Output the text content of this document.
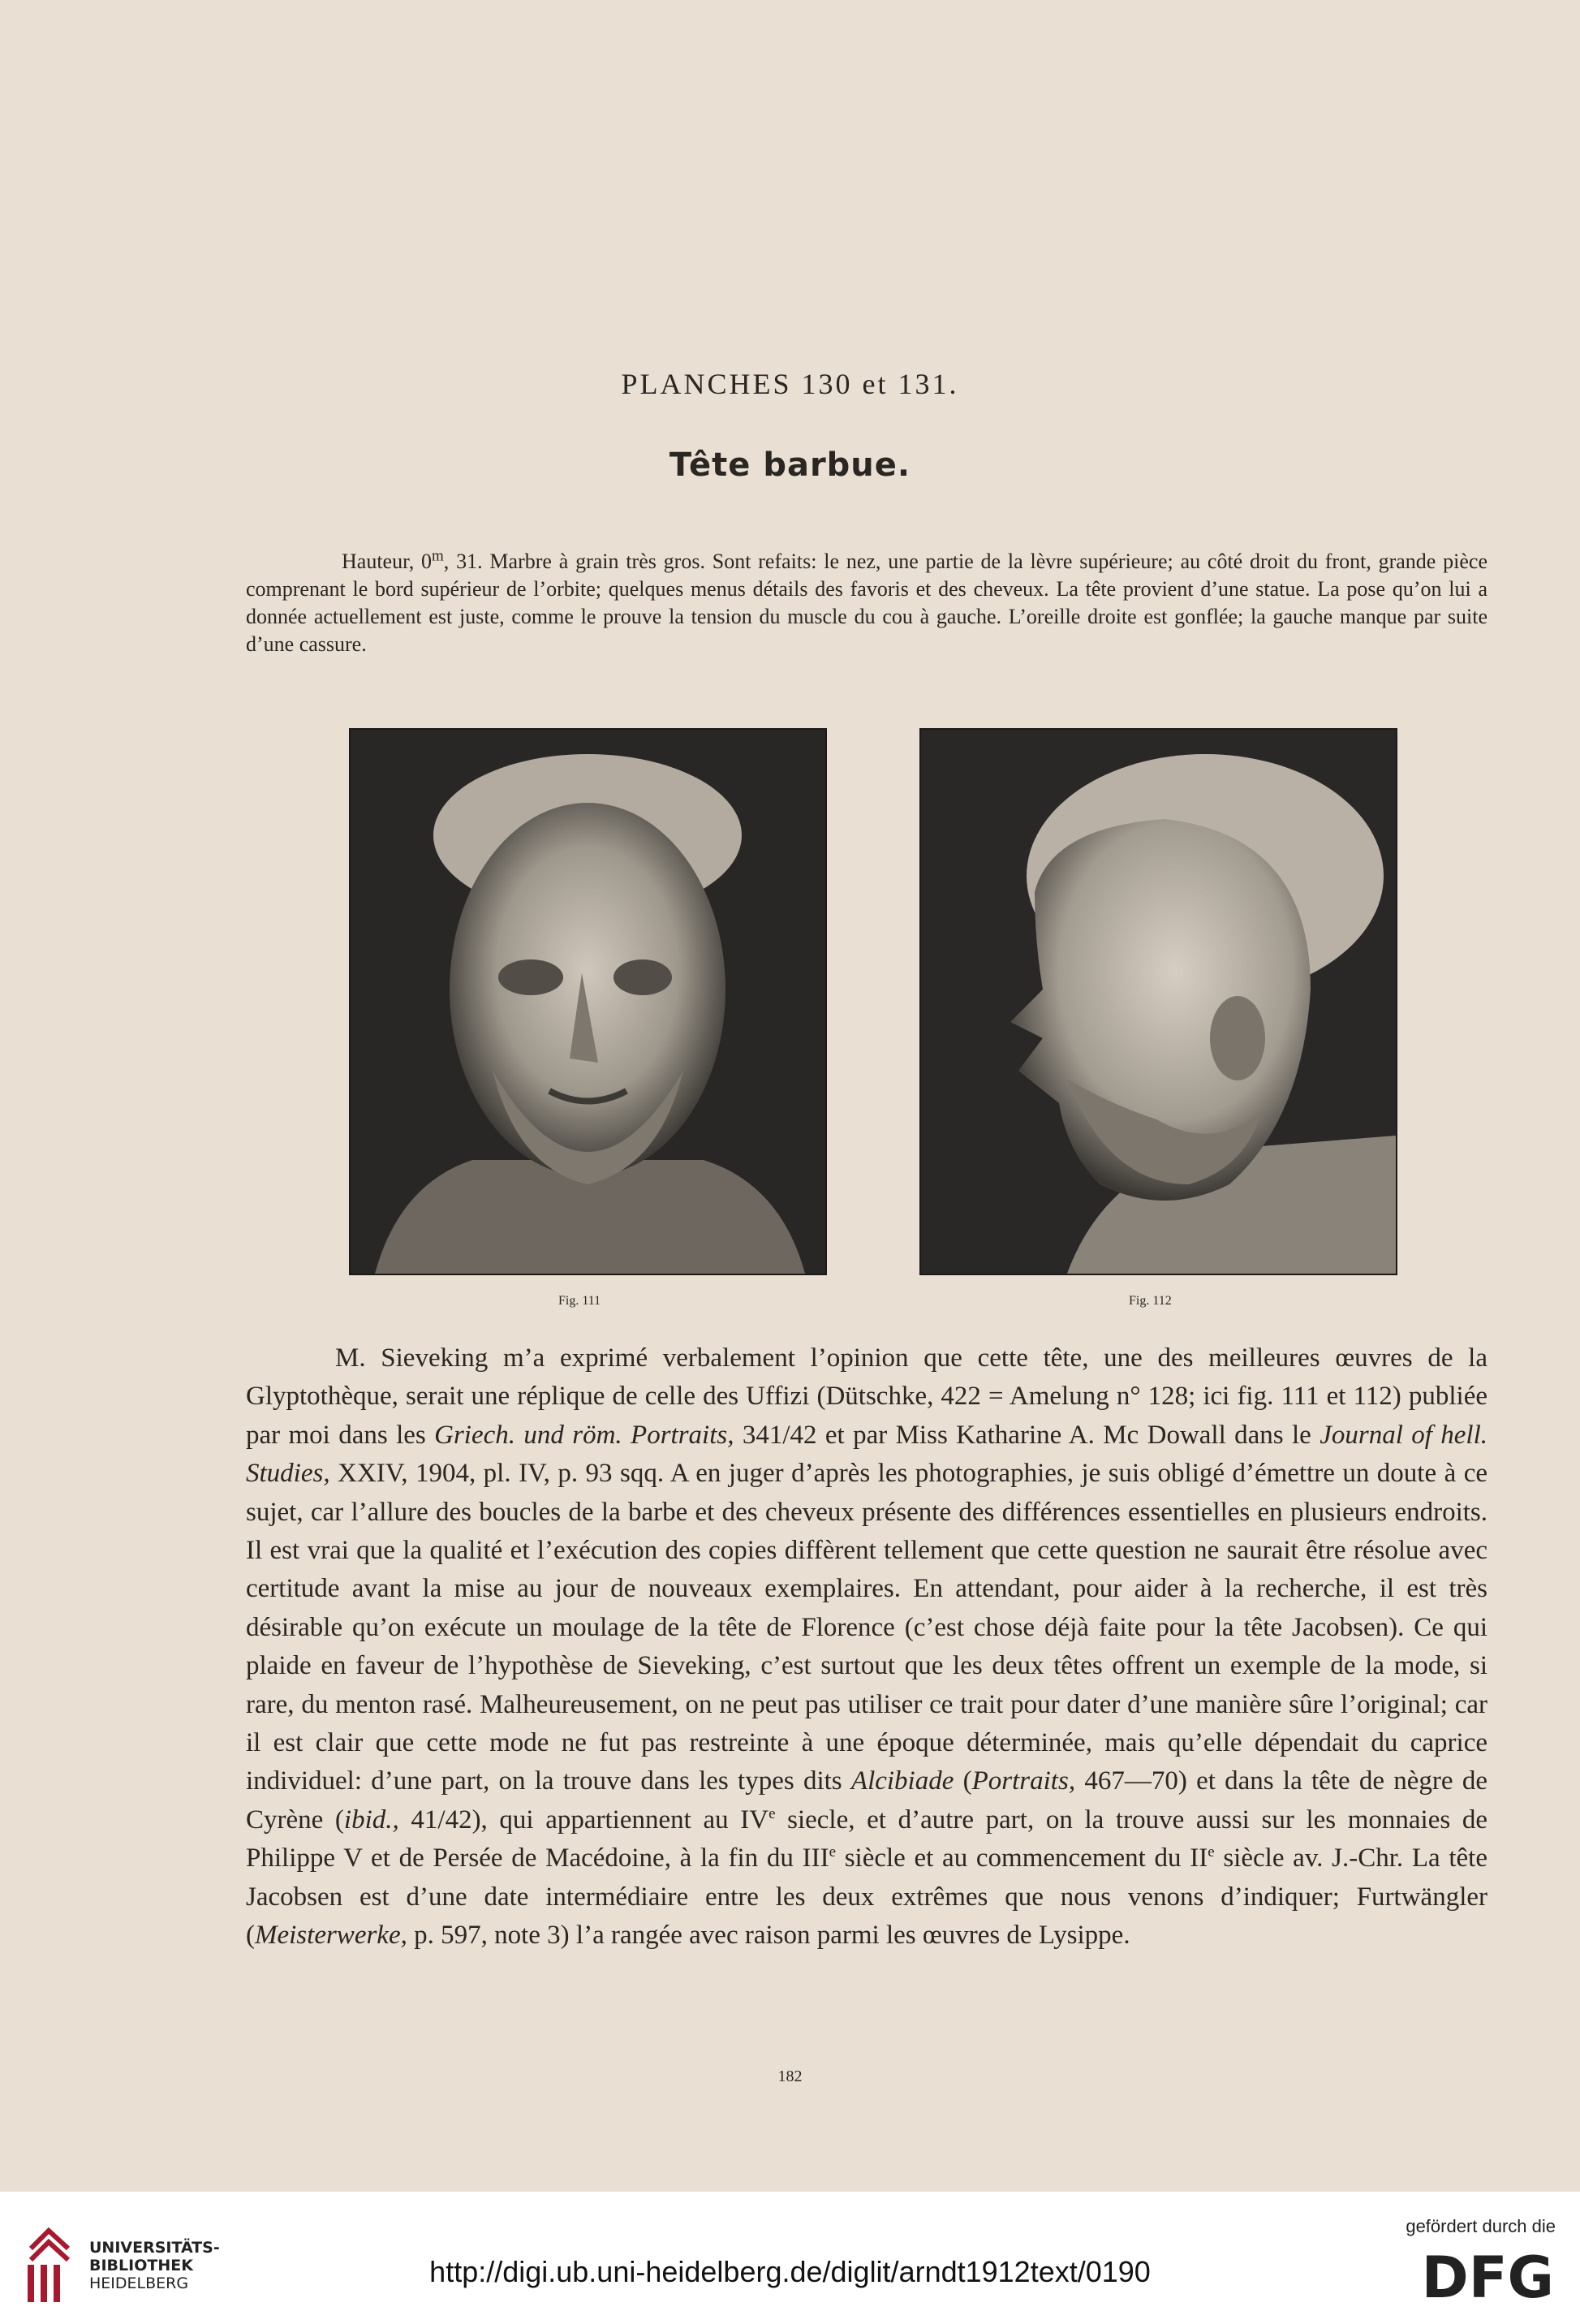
PLANCHES 130 et 131.
Tête barbue.

Hauteur, 0$^m$, 31. Marbre à grain très gros. Sont refaits: le nez, une partie de la lèvre supérieure; au côté droit du front, grande pièce comprenant le bord supérieur de l’orbite; quelques menus détails des favoris et des cheveux. La tête provient d’une statue. La pose qu’on lui a donnée actuellement est juste, comme le prouve la tension du muscle du cou à gauche. L’oreille droite est gonflée; la gauche manque par suite d’une cassure.

Fig. 111	Fig. 112

M. Sieveking m’a exprimé verbalement l’opinion que cette tête, une des meilleures œuvres de la Glyptothèque, serait une réplique de celle des Uffizi (Dütschke, 422 = Amelung n° 128; ici fig. 111 et 112) publiée par moi dans les Griech. und röm. Portraits, 341/42 et par Miss Katharine A. Mc Dowall dans le Journal of hell. Studies, XXIV, 1904, pl. IV, p. 93 sqq. A en juger d’après les photographies, je suis obligé d’émettre un doute à ce sujet, car l’allure des boucles de la barbe et des cheveux présente des différences essentielles en plusieurs endroits. Il est vrai que la qualité et l’exécution des copies diffèrent tellement que cette question ne saurait être résolue avec certitude avant la mise au jour de nouveaux exemplaires. En attendant, pour aider à la recherche, il est très désirable qu’on exécute un moulage de la tête de Florence (c’est chose déjà faite pour la tête Jacobsen). Ce qui plaide en faveur de l’hypothèse de Sieveking, c’est surtout que les deux têtes offrent un exemple de la mode, si rare, du menton rasé. Malheureusement, on ne peut pas utiliser ce trait pour dater d’une manière sûre l’original; car il est clair que cette mode ne fut pas restreinte à une époque déterminée, mais qu’elle dépendait du caprice individuel: d’une part, on la trouve dans les types dits Alcibiade (Portraits, 467—70) et dans la tête de nègre de Cyrène (ibid., 41/42), qui appartiennent au IVe siecle, et d’autre part, on la trouve aussi sur les monnaies de Philippe V et de Persée de Macédoine, à la fin du IIIe siècle et au commencement du IIe siècle av. J.-Chr. La tête Jacobsen est d’une date intermédiaire entre les deux extrêmes que nous venons d’indiquer; Furtwängler (Meisterwerke, p. 597, note 3) l’a rangée avec raison parmi les œuvres de Lysippe.

182
UNIVERSITÄTS-
BIBLIOTHEK
HEIDELBERG	http://digi.ub.uni-heidelberg.de/diglit/arndt1912text/0190
gefördert durch die
DFG
